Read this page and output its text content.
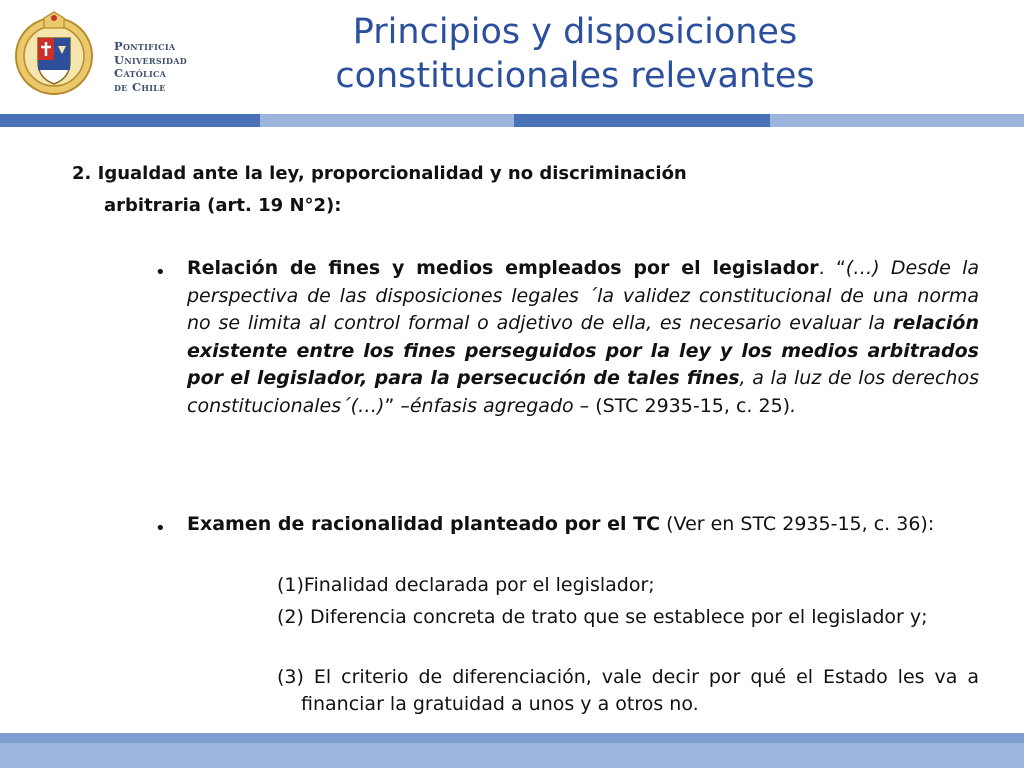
Pontificia
Universidad
Católica
de Chile
Principios y disposiciones
constitucionales relevantes
2. Igualdad ante la ley, proporcionalidad y no discriminación
arbitraria (art. 19 N°2):
• Relación de fines y medios empleados por el legislador. “(…) Desde la perspectiva de las disposiciones legales ´la validez constitucional de una norma no se limita al control formal o adjetivo de ella, es necesario evaluar la relación existente entre los fines perseguidos por la ley y los medios arbitrados por el legislador, para la persecución de tales fines, a la luz de los derechos constitucionales´(…)” –énfasis agregado – (STC 2935-15, c. 25).
• Examen de racionalidad planteado por el TC (Ver en STC 2935-15, c. 36):
(1)Finalidad declarada por el legislador;
(2) Diferencia concreta de trato que se establece por el legislador y;
(3) El criterio de diferenciación, vale decir por qué el Estado les va a financiar la gratuidad a unos y a otros no.
